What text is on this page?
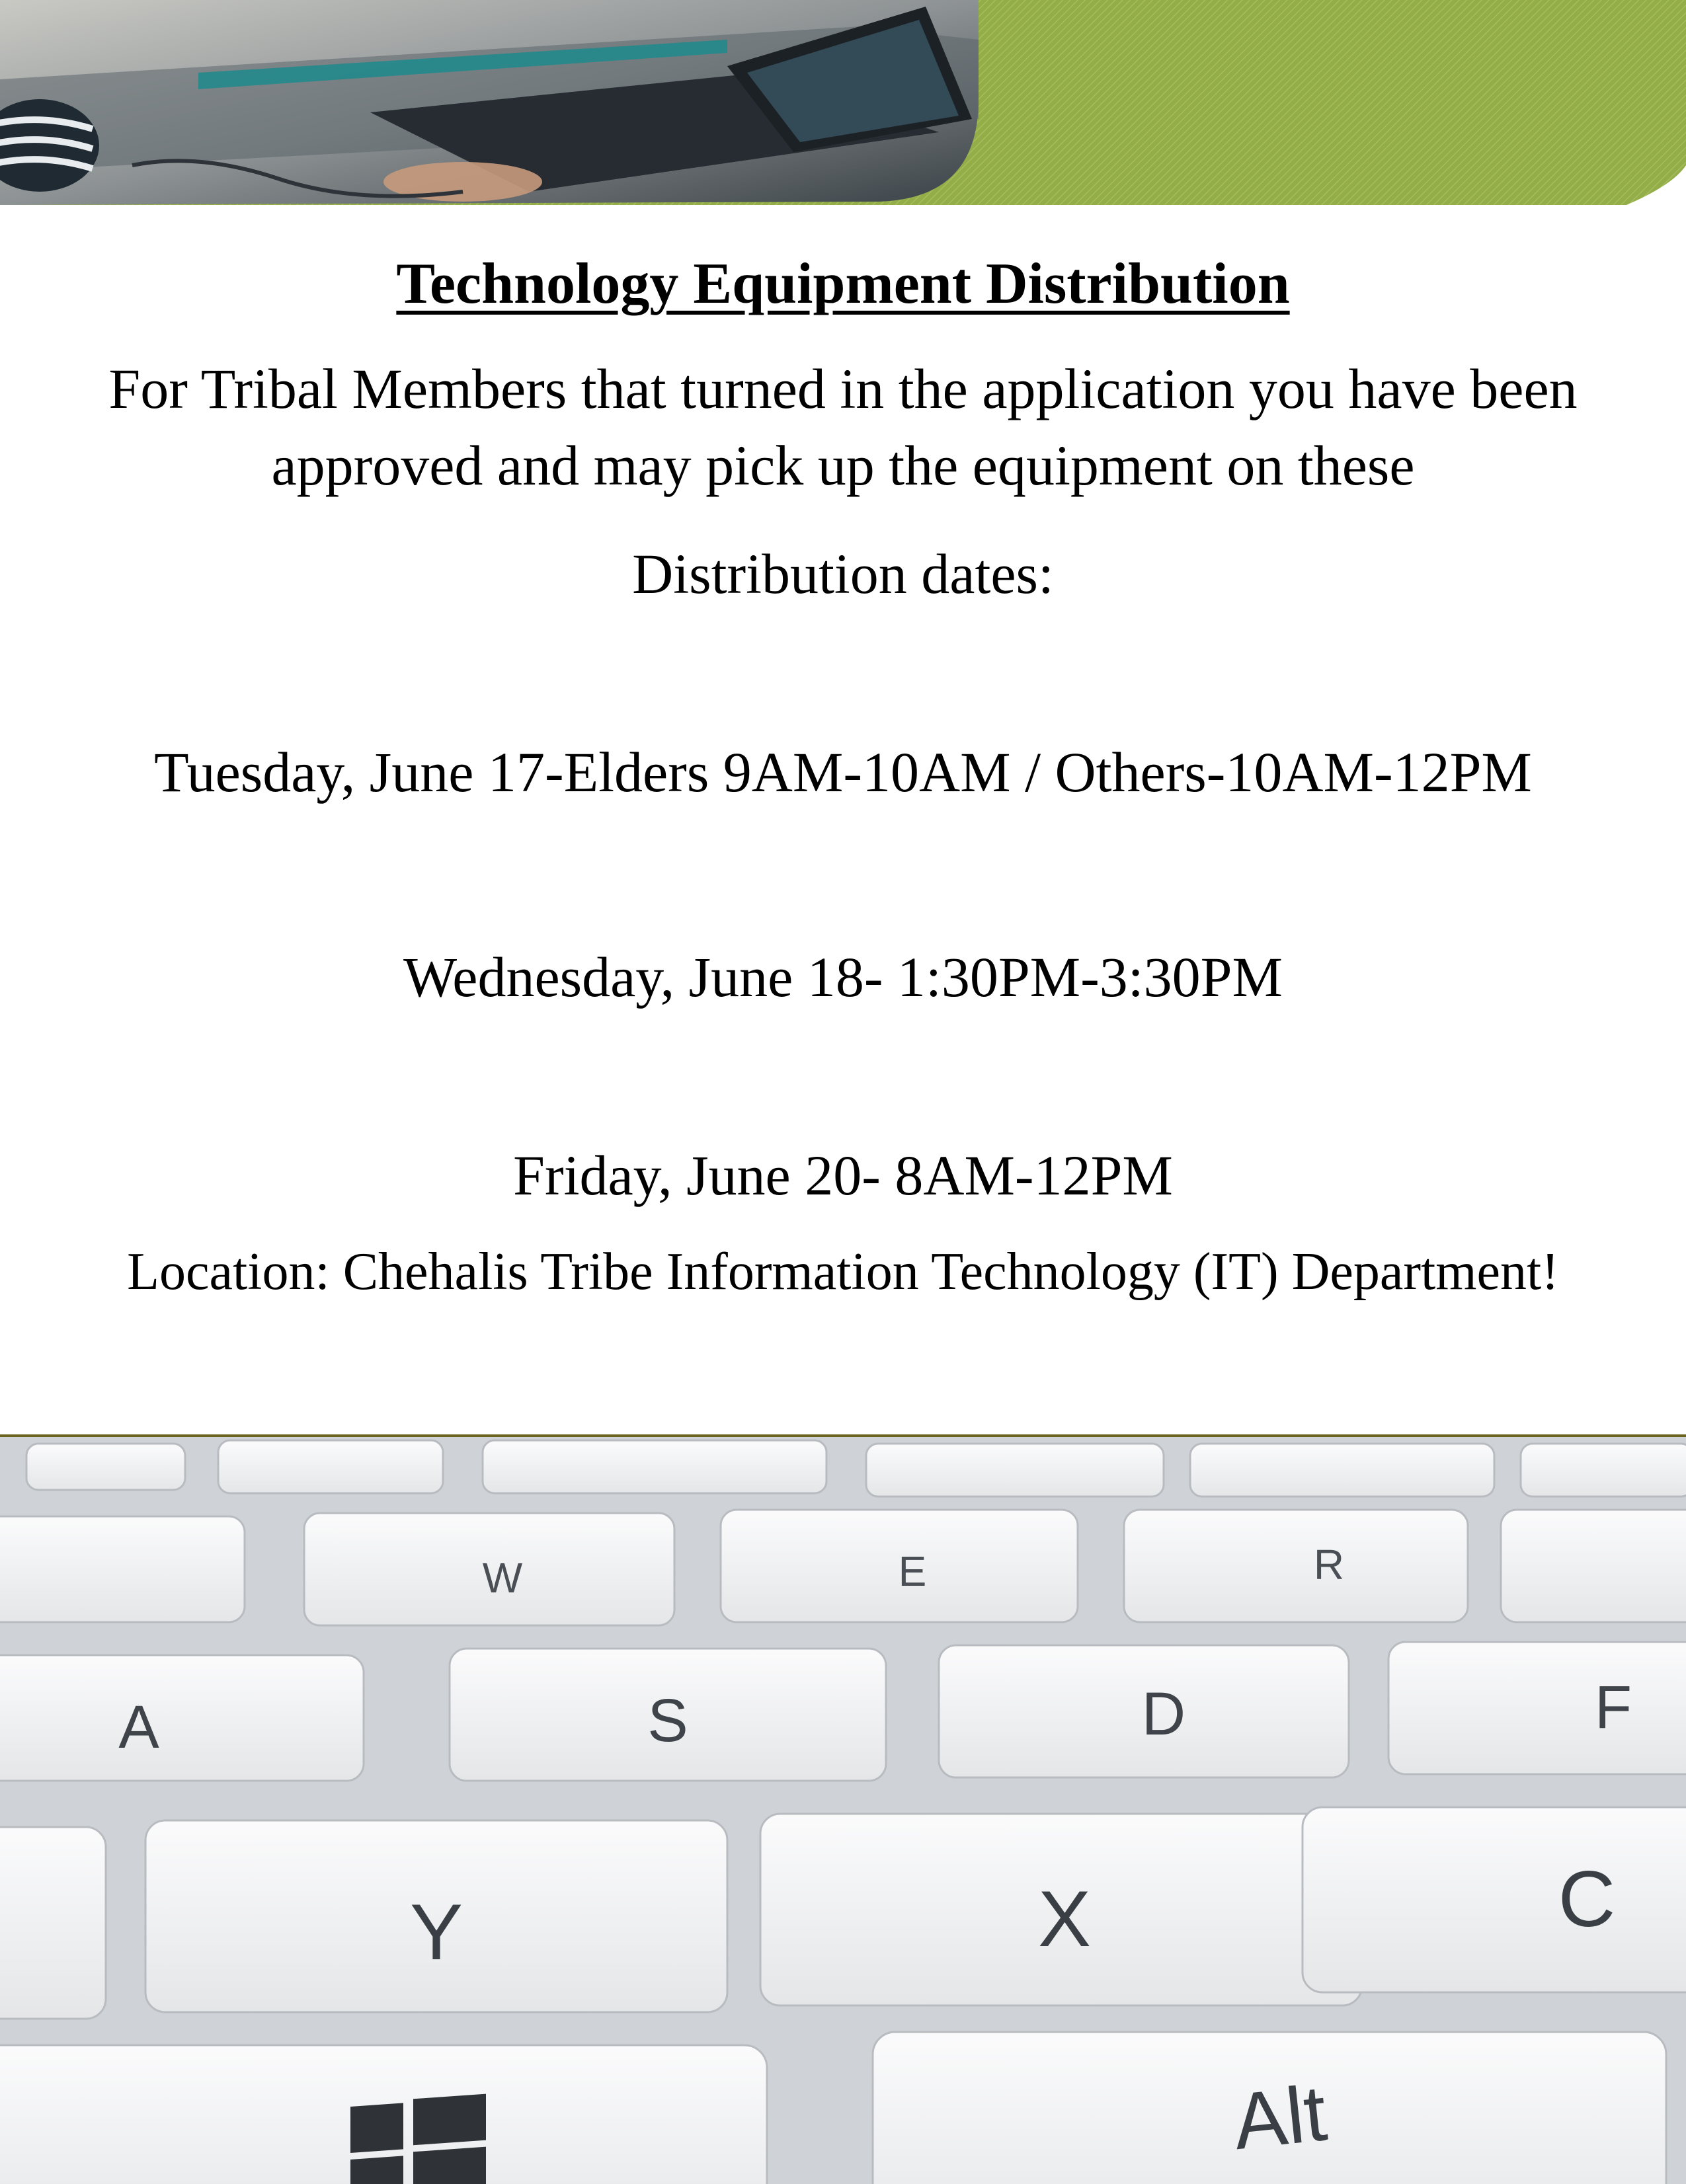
Technology Equipment Distribution

For Tribal Members that turned in the application you have been approved and may pick up the equipment on these

Distribution dates:

Tuesday, June 17-Elders 9AM-10AM / Others-10AM-12PM

Wednesday, June 18- 1:30PM-3:30PM

Friday, June 20- 8AM-12PM

Location: Chehalis Tribe Information Technology (IT) Department!

W	E	R
A	S	D	F
Y	X	C
Alt
